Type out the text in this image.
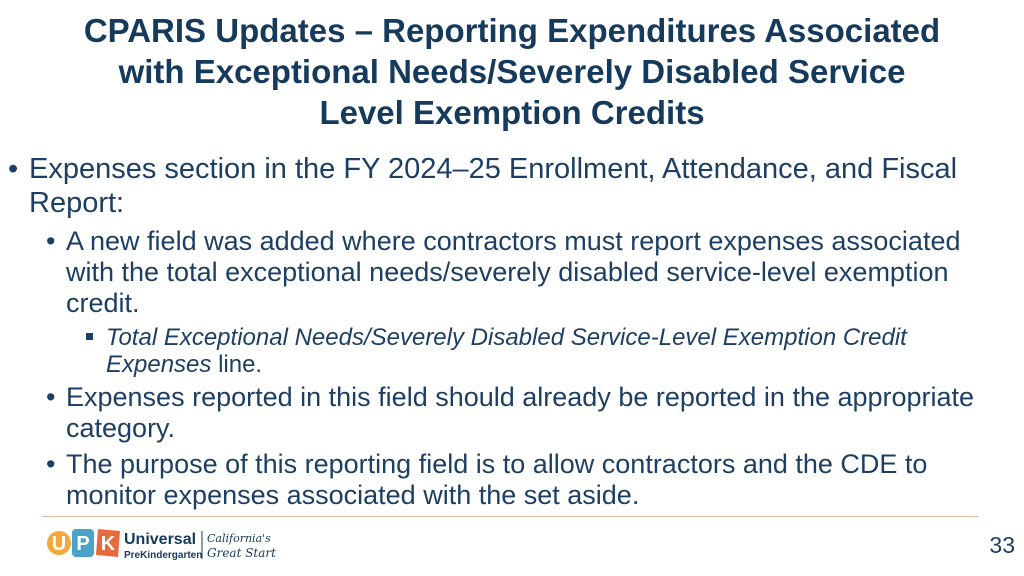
CPARIS Updates – Reporting Expenditures Associated
with Exceptional Needs/Severely Disabled Service
Level Exemption Credits
• Expenses section in the FY 2024–25 Enrollment, Attendance, and Fiscal Report:
• A new field was added where contractors must report expenses associated with the total exceptional needs/severely disabled service-level exemption credit.
Total Exceptional Needs/Severely Disabled Service-Level Exemption Credit Expenses line.
• Expenses reported in this field should already be reported in the appropriate category.
• The purpose of this reporting field is to allow contractors and the CDE to monitor expenses associated with the set aside.
U P K Universal
PreKindergarten
California's
Great Start	33
